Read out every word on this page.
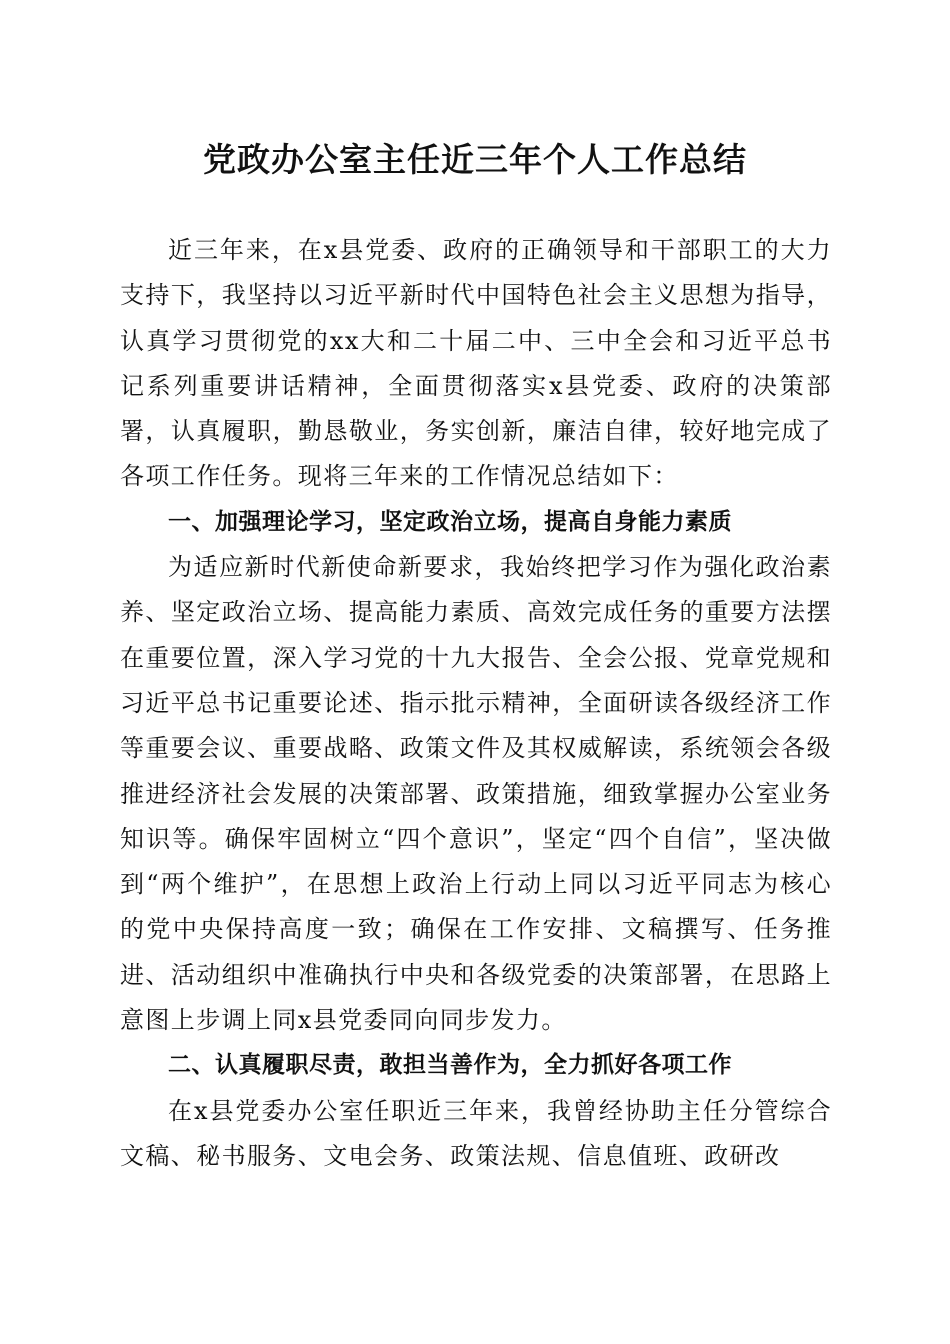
党政办公室主任近三年个人工作总结

近三年来，在x县党委、政府的正确领导和干部职工的大力支持下，我坚持以习近平新时代中国特色社会主义思想为指导，认真学习贯彻党的xx大和二十届二中、三中全会和习近平总书记系列重要讲话精神，全面贯彻落实x县党委、政府的决策部署，认真履职，勤恳敬业，务实创新，廉洁自律，较好地完成了各项工作任务。现将三年来的工作情况总结如下：

一、加强理论学习，坚定政治立场，提高自身能力素质

为适应新时代新使命新要求，我始终把学习作为强化政治素养、坚定政治立场、提高能力素质、高效完成任务的重要方法摆在重要位置，深入学习党的十九大报告、全会公报、党章党规和习近平总书记重要论述、指示批示精神，全面研读各级经济工作等重要会议、重要战略、政策文件及其权威解读，系统领会各级推进经济社会发展的决策部署、政策措施，细致掌握办公室业务知识等。确保牢固树立“四个意识”，坚定“四个自信”，坚决做到“两个维护”，在思想上政治上行动上同以习近平同志为核心的党中央保持高度一致；确保在工作安排、文稿撰写、任务推进、活动组织中准确执行中央和各级党委的决策部署，在思路上意图上步调上同x县党委同向同步发力。

二、认真履职尽责，敢担当善作为，全力抓好各项工作

在x县党委办公室任职近三年来，我曾经协助主任分管综合文稿、秘书服务、文电会务、政策法规、信息值班、政研改
